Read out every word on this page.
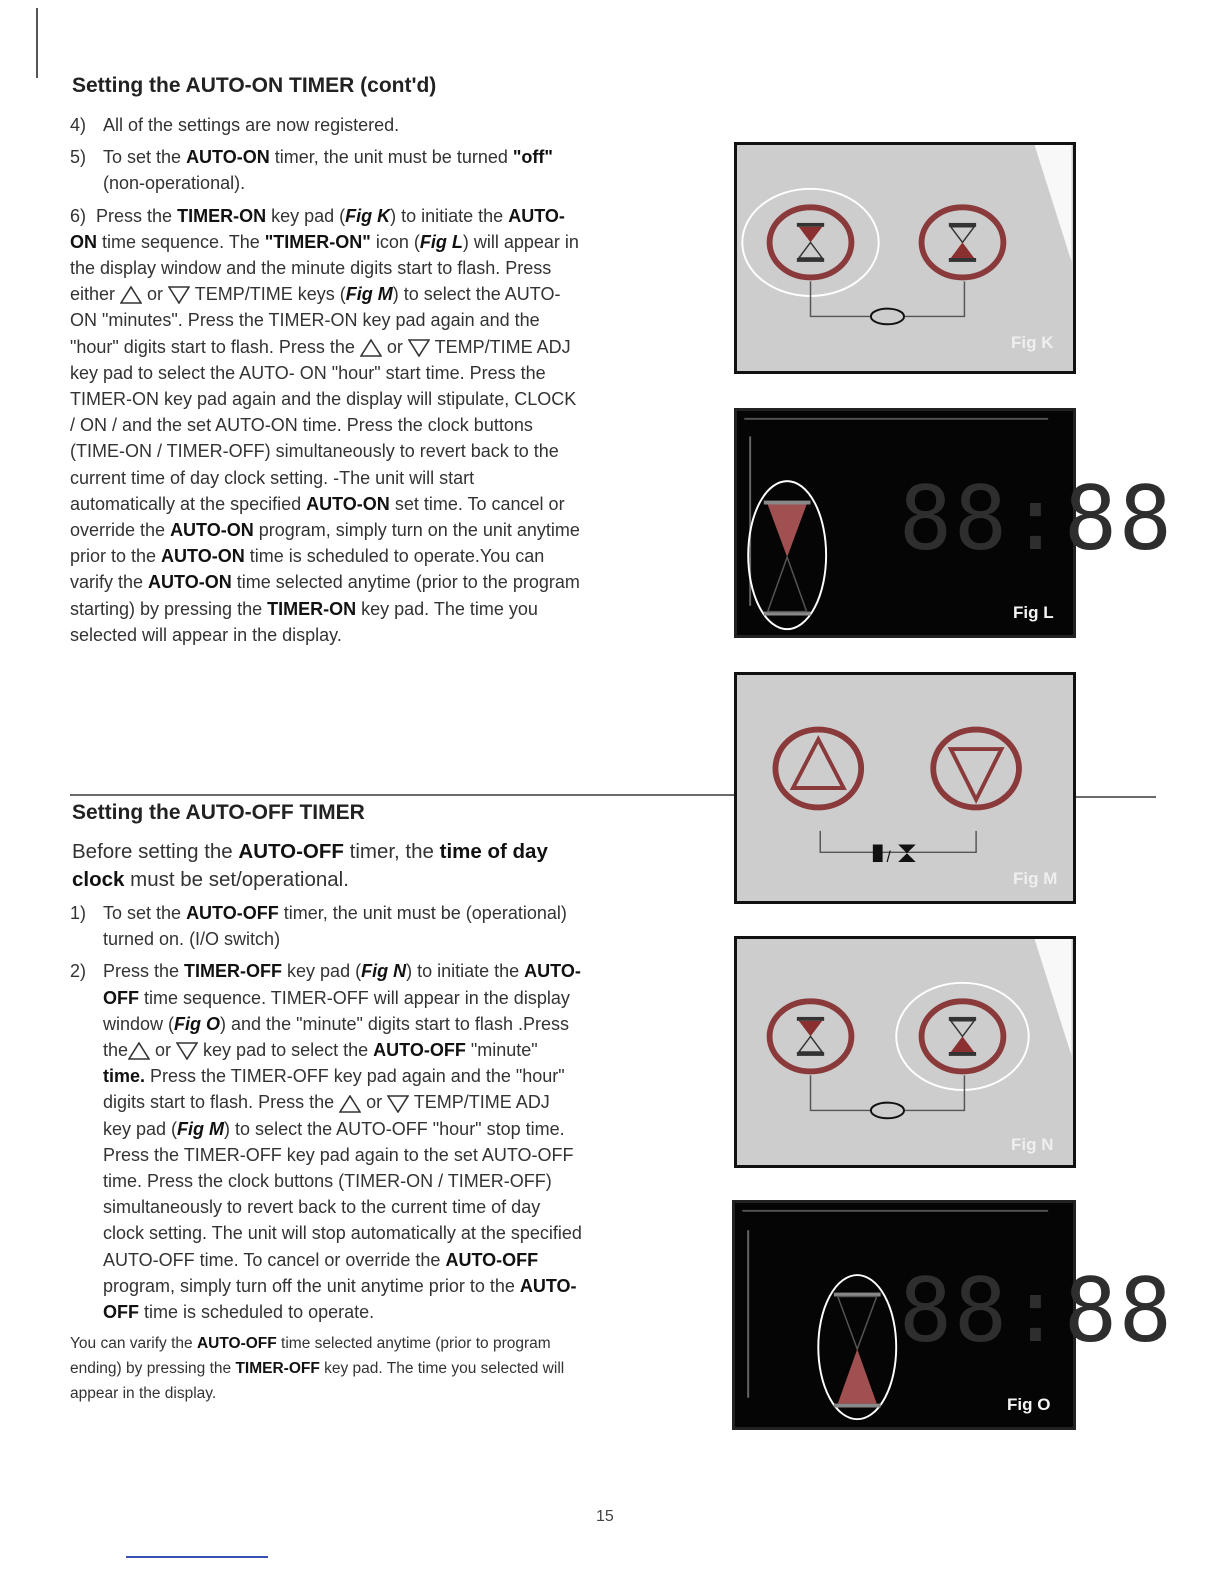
Setting the AUTO-ON TIMER (cont'd)
4) All of the settings are now registered.
5) To set the AUTO-ON timer, the unit must be turned "off" (non-operational).

6) Press the TIMER-ON key pad (Fig K) to initiate the AUTO-ON time sequence. The "TIMER-ON" icon (Fig L) will appear in the display window and the minute digits start to flash. Press either  or  TEMP/TIME keys (Fig M) to select the AUTO-ON "minutes". Press the TIMER-ON key pad again and the "hour" digits start to flash. Press the  or  TEMP/TIME ADJ key pad to select the AUTO- ON "hour" start time. Press the TIMER-ON key pad again and the display will stipulate, CLOCK / ON / and the set AUTO-ON time. Press the clock buttons (TIME-ON / TIMER-OFF) simultaneously to revert back to the current time of day clock setting. -The unit will start automatically at the specified AUTO-ON set time. To cancel or override the AUTO-ON program, simply turn on the unit anytime prior to the AUTO-ON time is scheduled to operate.You can varify the AUTO-ON time selected anytime (prior to the program starting) by pressing the TIMER-ON key pad. The time you selected will appear in the display.

Setting the AUTO-OFF TIMER

Before setting the AUTO-OFF timer, the time of day clock must be set/operational.

1) To set the AUTO-OFF timer, the unit must be (operational) turned on. (I/O switch)
2) Press the TIMER-OFF key pad (Fig N) to initiate the AUTO-OFF time sequence. TIMER-OFF will appear in the display window (Fig O) and the "minute" digits start to flash .Press the or  key pad to select the AUTO-OFF "minute" time. Press the TIMER-OFF key pad again and the "hour" digits start to flash. Press the  or  TEMP/TIME ADJ key pad (Fig M) to select the AUTO-OFF "hour" stop time. Press the TIMER-OFF key pad again to the set AUTO-OFF time. Press the clock buttons (TIMER-ON / TIMER-OFF) simultaneously to revert back to the current time of day clock setting. The unit will stop automatically at the specified AUTO-OFF time. To cancel or override the AUTO-OFF program, simply turn off the unit anytime prior to the AUTO-OFF time is scheduled to operate.

You can varify the AUTO-OFF time selected anytime (prior to program ending) by pressing the TIMER-OFF key pad. The time you selected will appear in the display.

Fig K
88:88
Fig L
/
Fig M
Fig N
88:88
Fig O
15
